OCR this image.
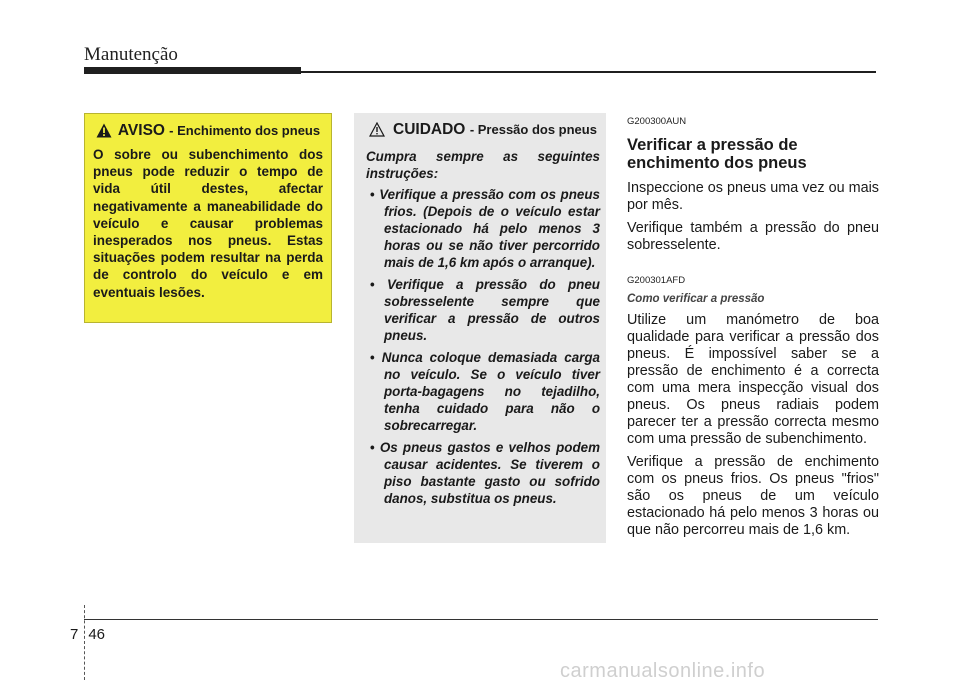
Manutenção
AVISO - Enchimento dos pneus
O sobre ou subenchimento dos pneus pode reduzir o tempo de vida útil destes, afectar negativamente a maneabilidade do veículo e causar problemas inesperados nos pneus. Estas situações podem resultar na perda de controlo do veículo e em eventuais lesões.
CUIDADO - Pressão dos pneus
Cumpra sempre as seguintes instruções:
• Verifique a pressão com os pneus frios. (Depois de o veículo estar estacionado há pelo menos 3 horas ou se não tiver percorrido mais de 1,6 km após o arranque).
• Verifique a pressão do pneu sobresselente sempre que verificar a pressão de outros pneus.
• Nunca coloque demasiada carga no veículo. Se o veículo tiver porta-bagagens no tejadilho, tenha cuidado para não o sobrecarregar.
• Os pneus gastos e velhos podem causar acidentes. Se tiverem o piso bastante gasto ou sofrido danos, substitua os pneus.
G200300AUN
Verificar a pressão de enchimento dos pneus

Inspeccione os pneus uma vez ou mais por mês.

Verifique também a pressão do pneu sobresselente.

G200301AFD
Como verificar a pressão

Utilize um manómetro de boa qualidade para verificar a pressão dos pneus. É impossível saber se a pressão de enchimento é a correcta com uma mera inspecção visual dos pneus. Os pneus radiais podem parecer ter a pressão correcta mesmo com uma pressão de subenchimento.

Verifique a pressão de enchimento com os pneus frios. Os pneus "frios" são os pneus de um veículo estacionado há pelo menos 3 horas ou que não percorreu mais de 1,6 km.

7 46
carmanualsonline.info
